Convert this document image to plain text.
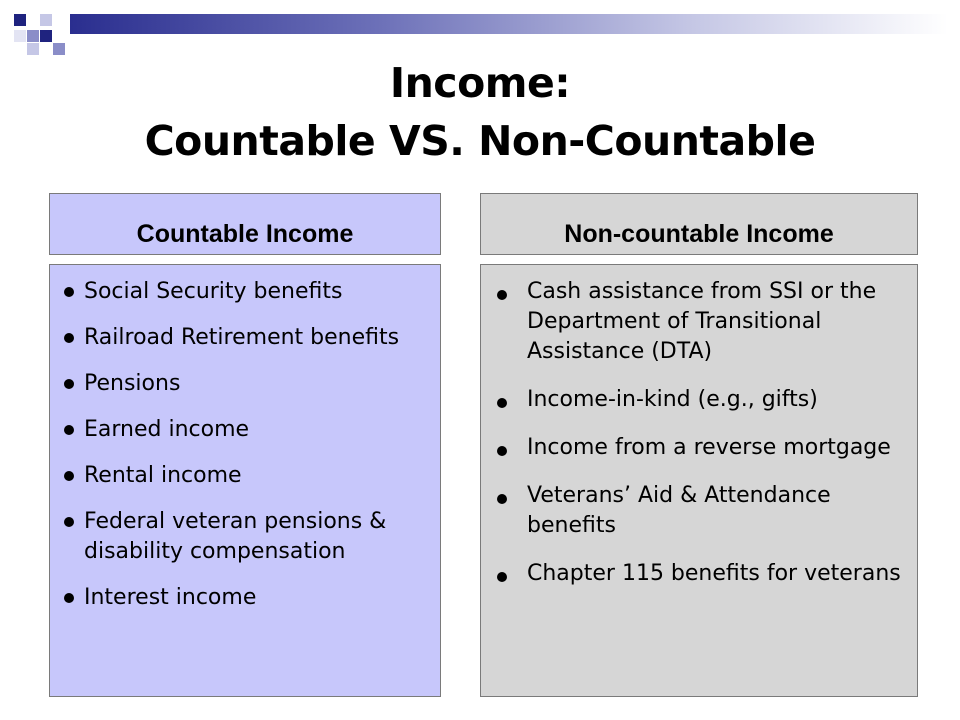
Income:
Countable VS. Non-Countable
Countable Income	Non-countable Income
Social Security benefits
Railroad Retirement benefits
Pensions
Earned income
Rental income
Federal veteran pensions & disability compensation
Interest income
Cash assistance from SSI or the Department of Transitional Assistance (DTA)
Income-in-kind (e.g., gifts)
Income from a reverse mortgage
Veterans’ Aid & Attendance benefits
Chapter 115 benefits for veterans
